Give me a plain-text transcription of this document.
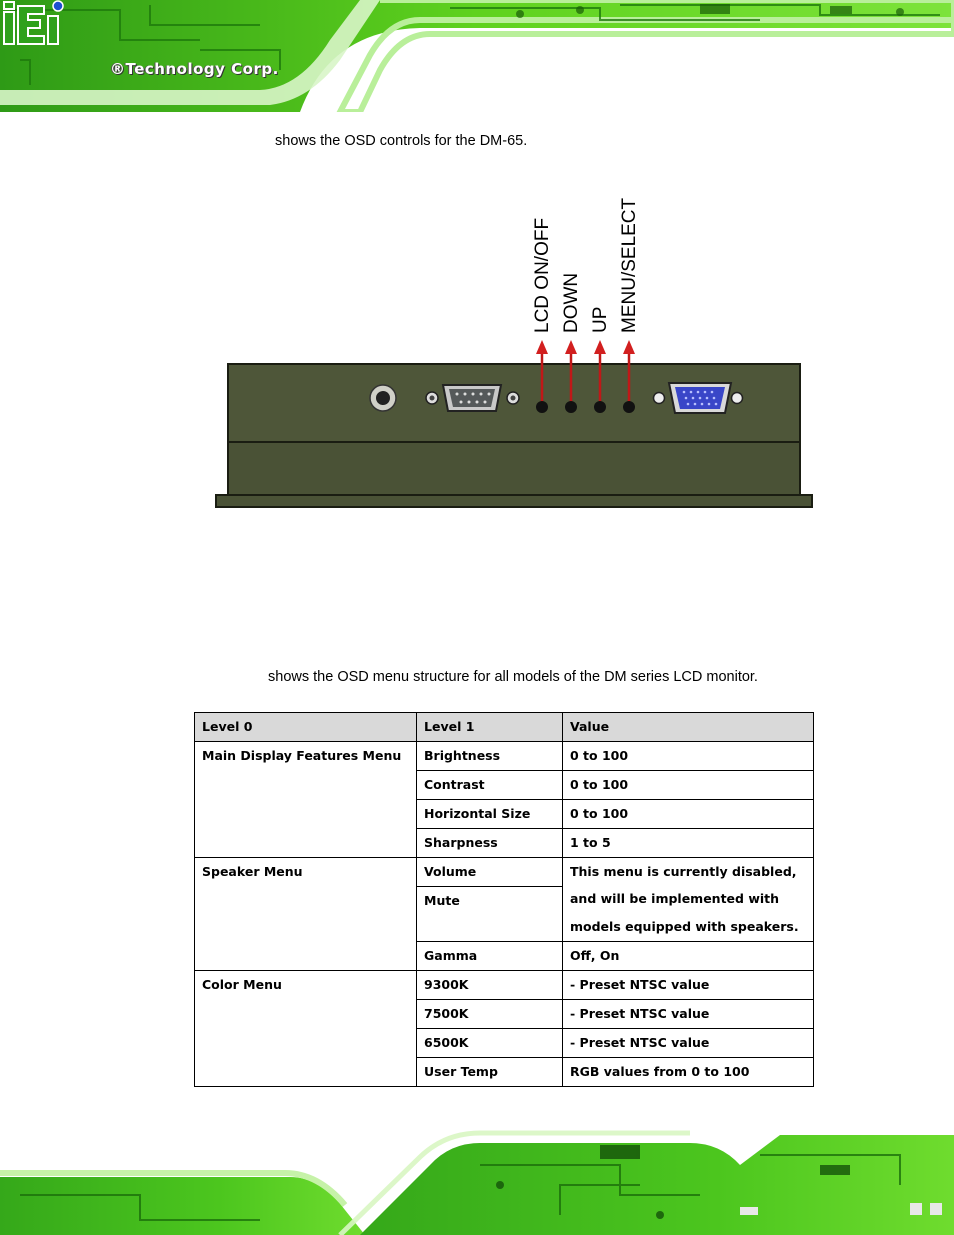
®Technology Corp.
shows the OSD controls for the DM-65.
LCD ON/OFF DOWN UP MENU/SELECT
shows the OSD menu structure for all models of the DM series LCD monitor.
Level 0	Level 1	Value
Main Display Features Menu	Brightness	0 to 100
	Contrast	0 to 100
	Horizontal Size	0 to 100
	Sharpness	1 to 5
Speaker Menu	Volume	This menu is currently disabled,
and will be implemented with
models equipped with speakers.

	Mute	
	Gamma	Off, On
Color Menu	9300K	- Preset NTSC value
	7500K	- Preset NTSC value
	6500K	- Preset NTSC value
	User Temp	RGB values from 0 to 100
